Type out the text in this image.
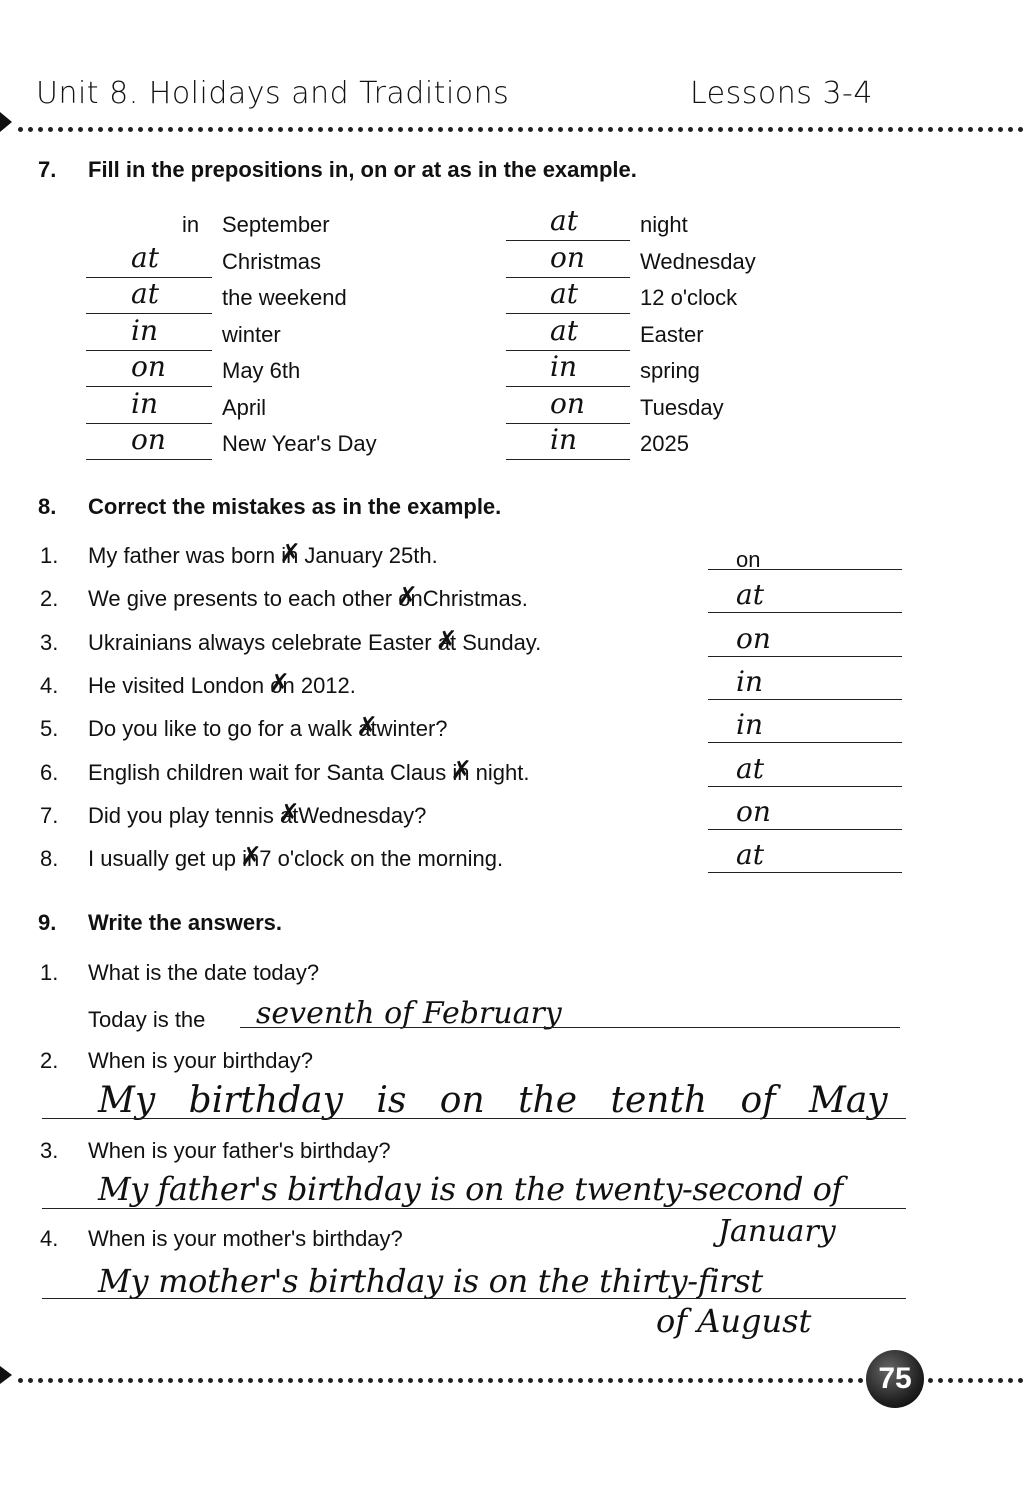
Unit 8. Holidays and Traditions	Lessons 3-4
7. Fill in the prepositions in, on or at as in the example.
in September
at	Christmas
at	the weekend
in	winter
on	May 6th
in	April
on	New Year's Day
at	night
on	Wednesday
at	12 o'clock
at	Easter
in	spring
on	Tuesday
in	2025
8. Correct the mistakes as in the example.
1. My father was born in ✗ January 25th.	on
2. We give presents to each other on ✗Christmas.	at
3. Ukrainians always celebrate Easter at ✗ Sunday.	on
4. He visited London on ✗ 2012.	in
5. Do you like to go for a walk at ✗winter?	in
6. English children wait for Santa Claus in ✗ night.	at
7. Did you play tennis at ✗Wednesday?	on
8. I usually get up in ✗7 o'clock on the morning.	at
9. Write the answers.
1. What is the date today?
Today is the seventh of February
2. When is your birthday?
My birthday is on the tenth of May
3. When is your father's birthday?
My father's birthday is on the twenty-second of
January
4. When is your mother's birthday?
My mother's birthday is on the thirty-first
of August
75
